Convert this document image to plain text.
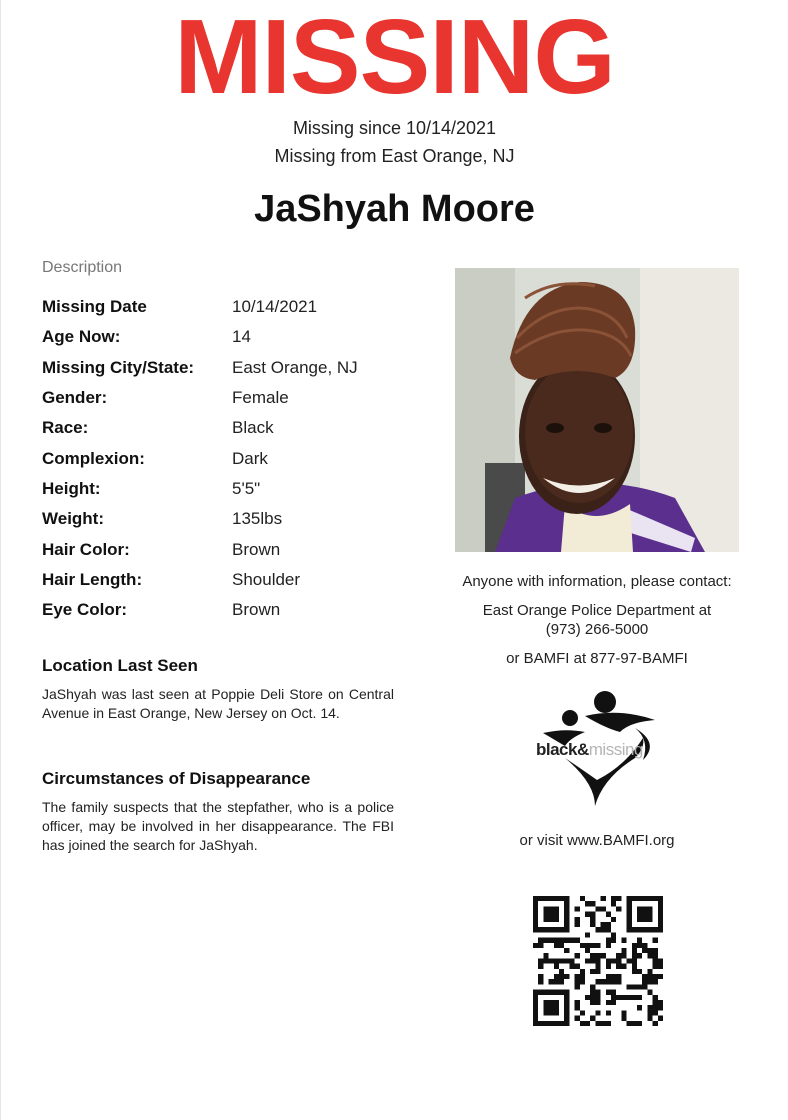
MISSING
Missing since 10/14/2021
Missing from East Orange, NJ
JaShyah Moore
Description
Missing Date	10/14/2021
Age Now:	14
Missing City/State:	East Orange, NJ
Gender:	Female
Race:	Black
Complexion:	Dark
Height:	5'5"
Weight:	135lbs
Hair Color:	Brown
Hair Length:	Shoulder
Eye Color:	Brown
Location Last Seen
JaShyah was last seen at Poppie Deli Store on Central Avenue in East Orange, New Jersey on Oct. 14.
Circumstances of Disappearance
The family suspects that the stepfather, who is a police officer, may be involved in her disappearance. The FBI has joined the search for JaShyah.
Anyone with information, please contact:
East Orange Police Department at
(973) 266-5000
or BAMFI at 877-97-BAMFI
black&missing
or visit www.BAMFI.org
